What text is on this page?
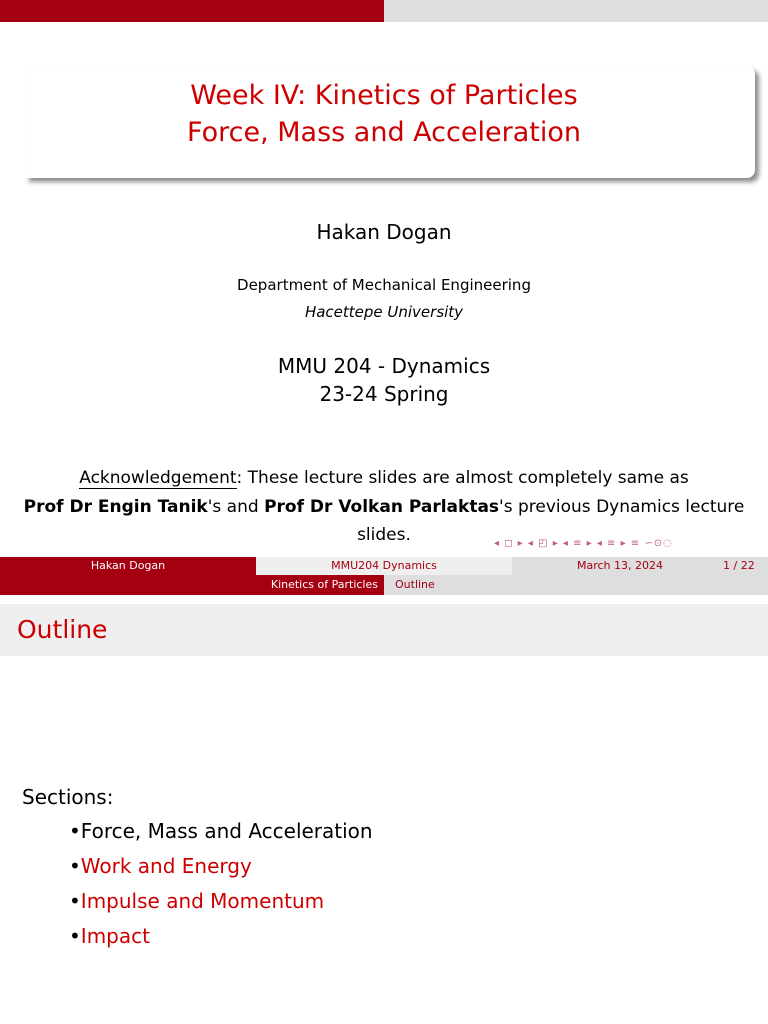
Week IV: Kinetics of Particles
Force, Mass and Acceleration
Hakan Dogan
Department of Mechanical Engineering
Hacettepe University
MMU 204 - Dynamics
23-24 Spring
Acknowledgement: These lecture slides are almost completely same as
Prof Dr Engin Tanik's and Prof Dr Volkan Parlaktas's previous Dynamics lecture
slides.	◂ ◻ ▸ ◂ ◰ ▸ ◂ ≡ ▸ ◂ ≡ ▸ ≡ ∽⊙◌
Hakan Dogan	MMU204 Dynamics	March 13, 2024	1 / 22
Kinetics of Particles	Outline
Outline
Sections:
•Force, Mass and Acceleration
•Work and Energy
•Impulse and Momentum
•Impact
